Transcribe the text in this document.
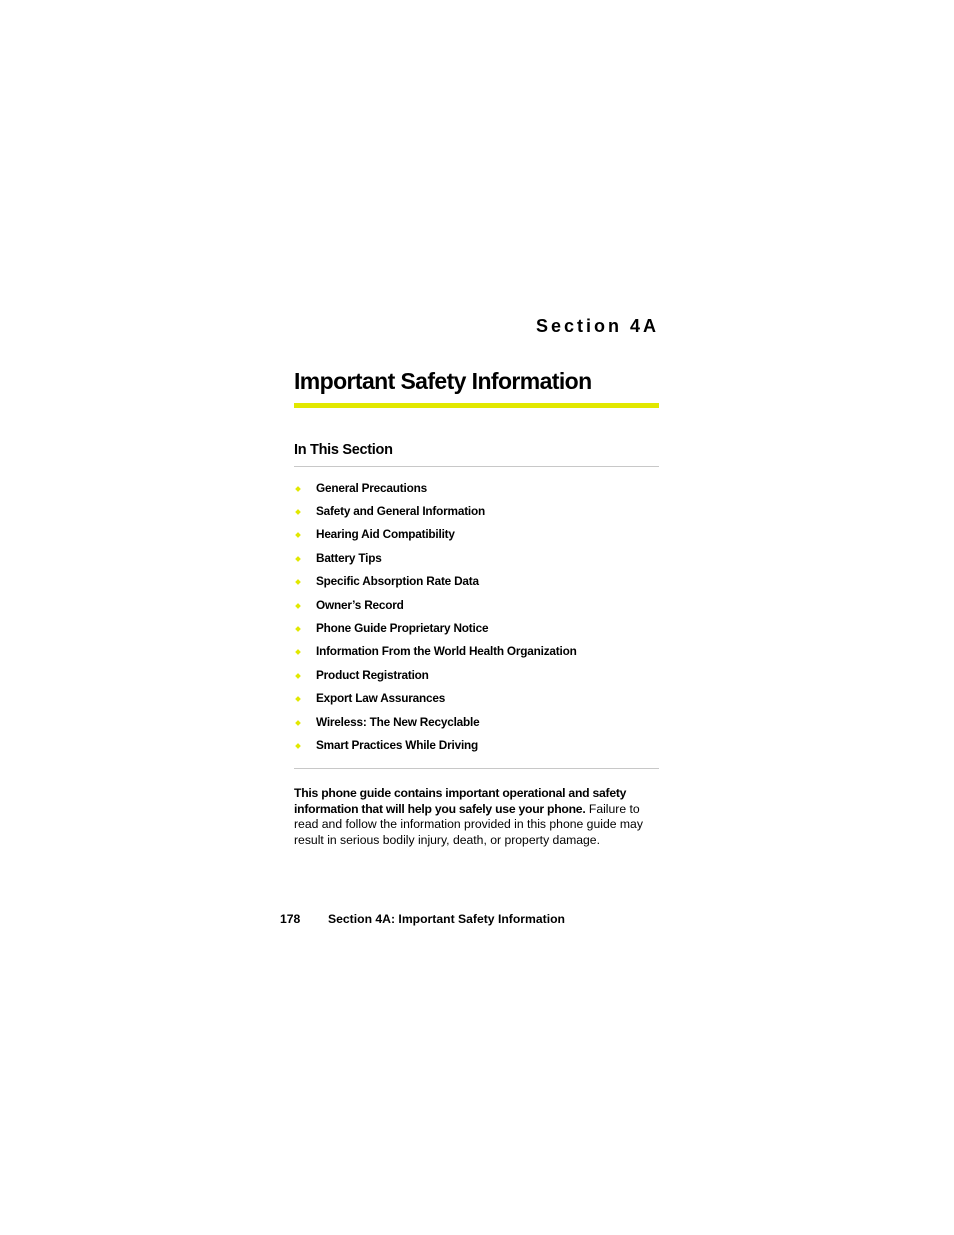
Section 4A
Important Safety Information
In This Section
General Precautions
Safety and General Information
Hearing Aid Compatibility
Battery Tips
Specific Absorption Rate Data
Owner’s Record
Phone Guide Proprietary Notice
Information From the World Health Organization
Product Registration
Export Law Assurances
Wireless: The New Recyclable
Smart Practices While Driving

This phone guide contains important operational and safety information that will help you safely use your phone. Failure to read and follow the information provided in this phone guide may result in serious bodily injury, death, or property damage.

178 Section 4A: Important Safety Information
